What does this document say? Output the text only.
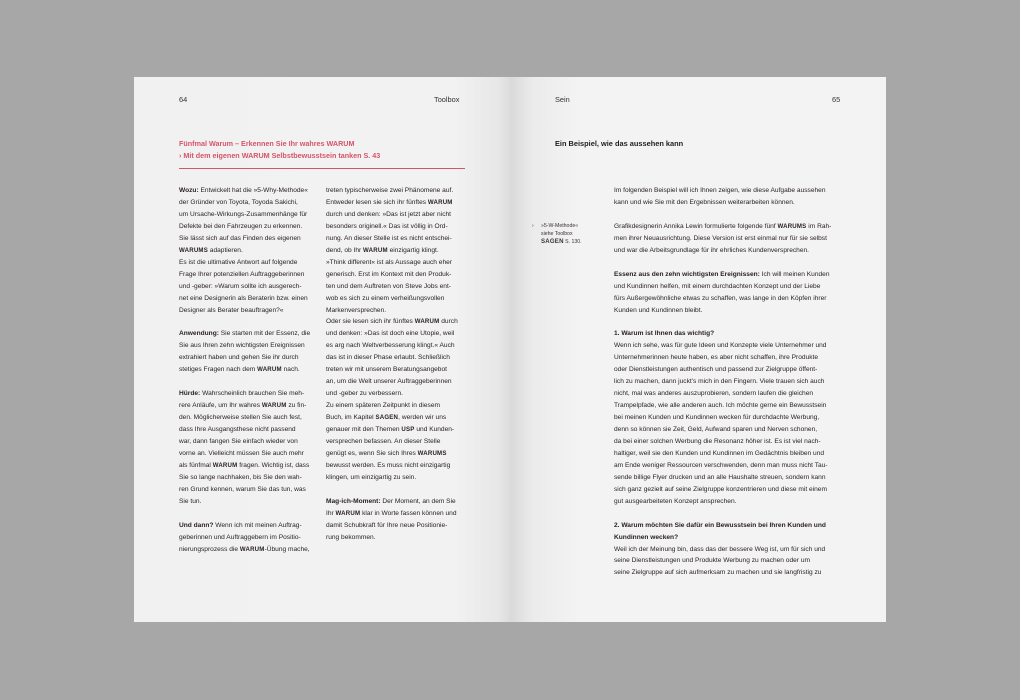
64	Toolbox
Fünfmal Warum – Erkennen Sie Ihr wahres WARUM
› Mit dem eigenen WARUM Selbstbewusstsein tanken S. 43

Wozu: Entwickelt hat die »5-Why-Methode«
der Gründer von Toyota, Toyoda Sakichi,
um Ursache-Wirkungs-Zusammenhänge für
Defekte bei den Fahrzeugen zu erkennen.
Sie lässt sich auf das Finden des eigenen
WARUMS adaptieren.
Es ist die ultimative Antwort auf folgende
Frage Ihrer potenziellen Auftraggeberinnen
und -geber: »Warum sollte ich ausgerech-
net eine Designerin als Beraterin bzw. einen
Designer als Berater beauftragen?«

Anwendung: Sie starten mit der Essenz, die
Sie aus Ihren zehn wichtigsten Ereignissen
extrahiert haben und gehen Sie ihr durch
stetiges Fragen nach dem WARUM nach.

Hürde: Wahrscheinlich brauchen Sie meh-
rere Anläufe, um Ihr wahres WARUM zu fin-
den. Möglicherweise stellen Sie auch fest,
dass Ihre Ausgangsthese nicht passend
war, dann fangen Sie einfach wieder von
vorne an. Vielleicht müssen Sie auch mehr
als fünfmal WARUM fragen. Wichtig ist, dass
Sie so lange nachhaken, bis Sie den wah-
ren Grund kennen, warum Sie das tun, was
Sie tun.

Und dann? Wenn ich mit meinen Auftrag-
geberinnen und Auftraggebern im Positio-
nierungsprozess die WARUM-Übung mache,

treten typischerweise zwei Phänomene auf.
Entweder lesen sie sich ihr fünftes WARUM
durch und denken: »Das ist jetzt aber nicht
besonders originell.« Das ist völlig in Ord-
nung. An dieser Stelle ist es nicht entschei-
dend, ob Ihr WARUM einzigartig klingt.
»Think different« ist als Aussage auch eher
generisch. Erst im Kontext mit den Produk-
ten und dem Auftreten von Steve Jobs ent-
wob es sich zu einem verheißungsvollen
Markenversprechen.
Oder sie lesen sich ihr fünftes WARUM durch
und denken: »Das ist doch eine Utopie, weil
es arg nach Weltverbesserung klingt.« Auch
das ist in dieser Phase erlaubt. Schließlich
treten wir mit unserem Beratungsangebot
an, um die Welt unserer Auftraggeberinnen
und -geber zu verbessern.
Zu einem späteren Zeitpunkt in diesem
Buch, im Kapitel SAGEN, werden wir uns
genauer mit den Themen USP und Kunden-
versprechen befassen. An dieser Stelle
genügt es, wenn Sie sich Ihres WARUMS
bewusst werden. Es muss nicht einzigartig
klingen, um einzigartig zu sein.

Mag-ich-Moment: Der Moment, an dem Sie
Ihr WARUM klar in Worte fassen können und
damit Schubkraft für Ihre neue Positionie-
rung bekommen.

Sein	65
Ein Beispiel, wie das aussehen kann
› »5-W-Methode«
siehe Toolbox
SAGEN S. 130.

Im folgenden Beispiel will ich Ihnen zeigen, wie diese Aufgabe aussehen
kann und wie Sie mit den Ergebnissen weiterarbeiten können.

Grafikdesignerin Annika Lewin formulierte folgende fünf WARUMS im Rah-
men ihrer Neuausrichtung. Diese Version ist erst einmal nur für sie selbst
und war die Arbeitsgrundlage für ihr ehrliches Kundenversprechen.

Essenz aus den zehn wichtigsten Ereignissen: Ich will meinen Kunden
und Kundinnen helfen, mit einem durchdachten Konzept und der Liebe
fürs Außergewöhnliche etwas zu schaffen, was lange in den Köpfen ihrer
Kunden und Kundinnen bleibt.

1. Warum ist Ihnen das wichtig?
Wenn ich sehe, was für gute Ideen und Konzepte viele Unternehmer und
Unternehmerinnen heute haben, es aber nicht schaffen, ihre Produkte
oder Dienstleistungen authentisch und passend zur Zielgruppe öffent-
lich zu machen, dann juckt's mich in den Fingern. Viele trauen sich auch
nicht, mal was anderes auszuprobieren, sondern laufen die gleichen
Trampelpfade, wie alle anderen auch. Ich möchte gerne ein Bewusstsein
bei meinen Kunden und Kundinnen wecken für durchdachte Werbung,
denn so können sie Zeit, Geld, Aufwand sparen und Nerven schonen,
da bei einer solchen Werbung die Resonanz höher ist. Es ist viel nach-
haltiger, weil sie den Kunden und Kundinnen im Gedächtnis bleiben und
am Ende weniger Ressourcen verschwenden, denn man muss nicht Tau-
sende billige Flyer drucken und an alle Haushalte streuen, sondern kann
sich ganz gezielt auf seine Zielgruppe konzentrieren und diese mit einem
gut ausgearbeiteten Konzept ansprechen.

2. Warum möchten Sie dafür ein Bewusstsein bei Ihren Kunden und
Kundinnen wecken?
Weil ich der Meinung bin, dass das der bessere Weg ist, um für sich und
seine Dienstleistungen und Produkte Werbung zu machen oder um
seine Zielgruppe auf sich aufmerksam zu machen und sie langfristig zu
